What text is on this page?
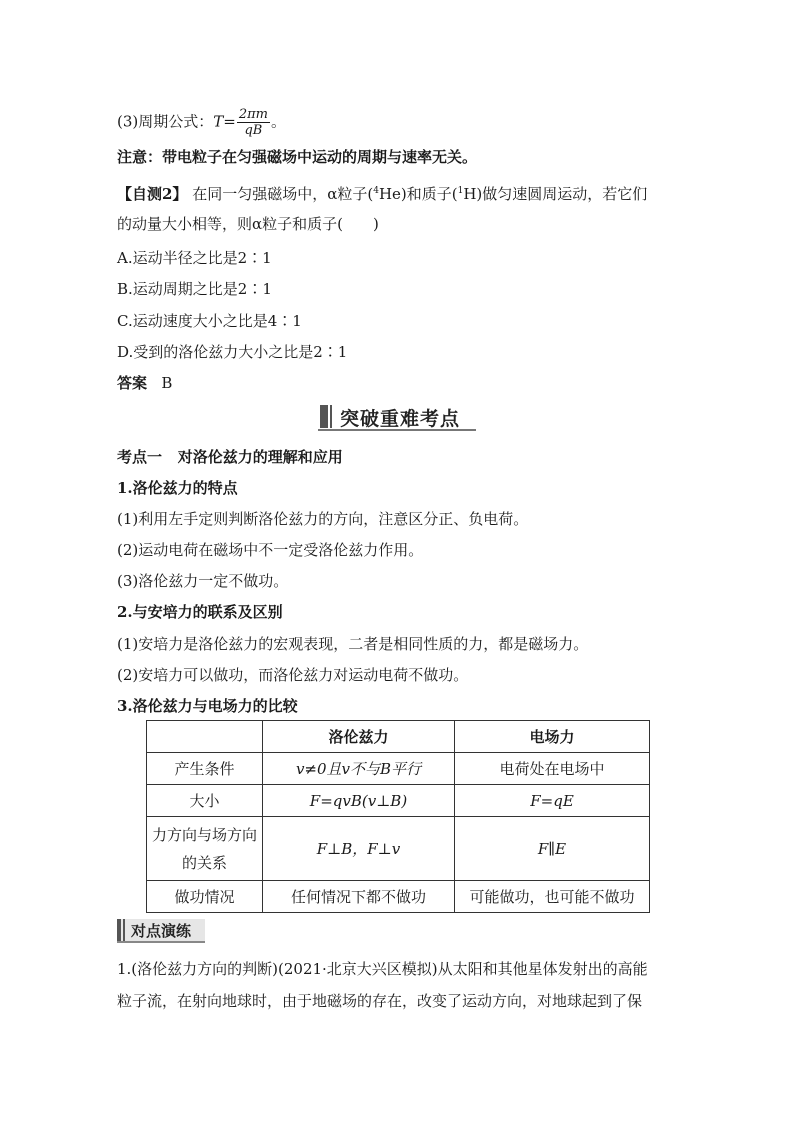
(3)周期公式：$T= \frac{2\pi m}{qB}$ 。
注意：带电粒子在匀强磁场中运动的周期与速率无关。
【自测2】 在同一匀强磁场中，α粒子($^4$He)和质子($^1$H)做匀速圆周运动，若它们
的动量大小相等，则α粒子和质子(　　)
A.运动半径之比是2∶1
B.运动周期之比是2∶1
C.运动速度大小之比是4∶1
D.受到的洛伦兹力大小之比是2∶1
答案 B
突破重难考点
考点一 对洛伦兹力的理解和应用
1.洛伦兹力的特点
(1)利用左手定则判断洛伦兹力的方向，注意区分正、负电荷。
(2)运动电荷在磁场中不一定受洛伦兹力作用。
(3)洛伦兹力一定不做功。
2.与安培力的联系及区别
(1)安培力是洛伦兹力的宏观表现，二者是相同性质的力，都是磁场力。
(2)安培力可以做功，而洛伦兹力对运动电荷不做功。
3.洛伦兹力与电场力的比较
	洛伦兹力	电场力
产生条件	v≠0且v不与B平行	电荷处在电场中
大小	F=qvB(v⊥B)	F=qE
力方向与场方向的关系	F⊥B，F⊥v	F∥E
做功情况	任何情况下都不做功	可能做功，也可能不做功
对点演练
1.(洛伦兹力方向的判断)(2021·北京大兴区模拟)从太阳和其他星体发射出的高能
粒子流，在射向地球时，由于地磁场的存在，改变了运动方向，对地球起到了保
